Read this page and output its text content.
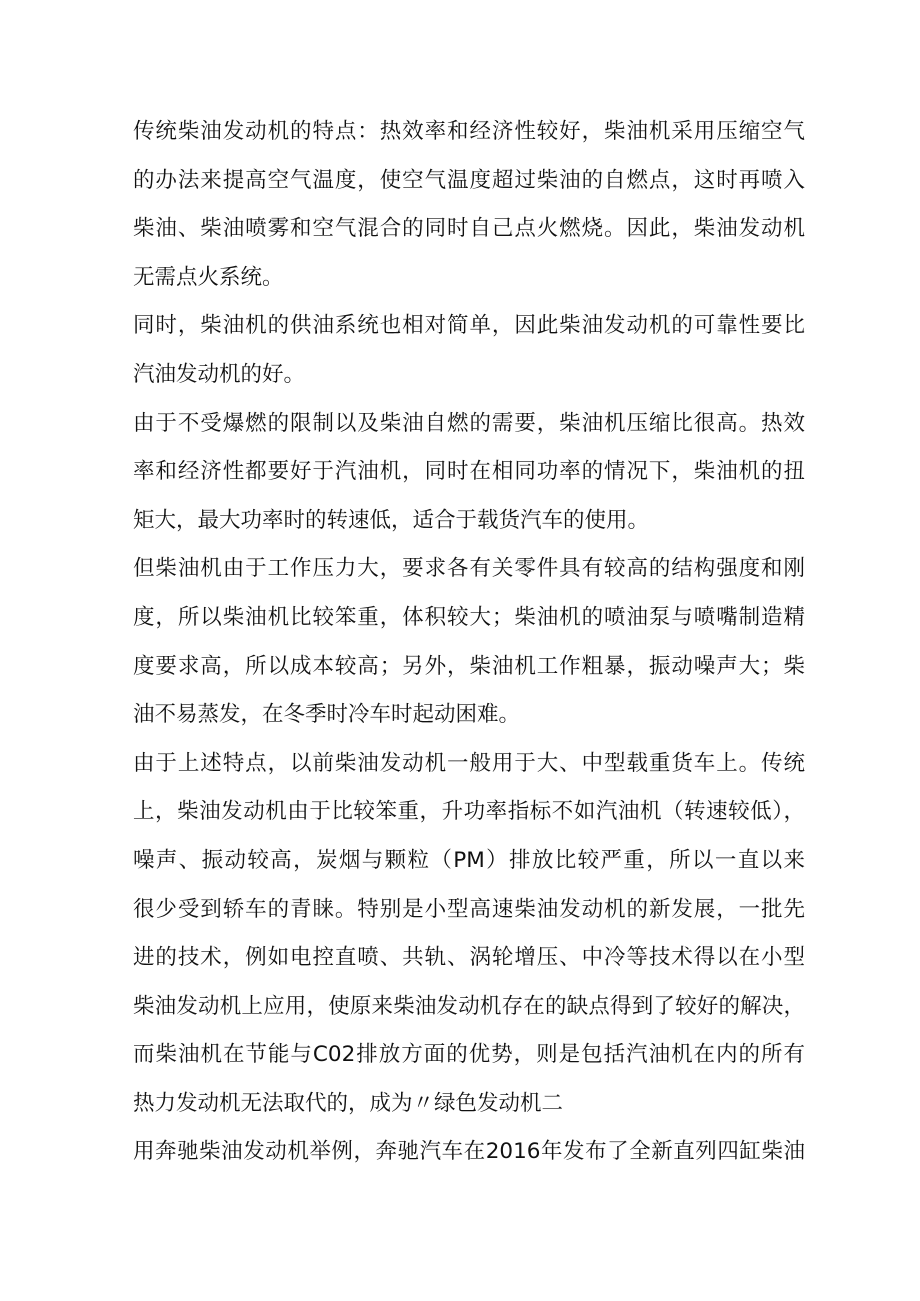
传统柴油发动机的特点：热效率和经济性较好，柴油机采用压缩空气
的办法来提高空气温度，使空气温度超过柴油的自燃点，这时再喷入
柴油、柴油喷雾和空气混合的同时自己点火燃烧。因此，柴油发动机
无需点火系统。
同时，柴油机的供油系统也相对简单，因此柴油发动机的可靠性要比
汽油发动机的好。
由于不受爆燃的限制以及柴油自燃的需要，柴油机压缩比很高。热效
率和经济性都要好于汽油机，同时在相同功率的情况下，柴油机的扭
矩大，最大功率时的转速低，适合于载货汽车的使用。
但柴油机由于工作压力大，要求各有关零件具有较高的结构强度和刚
度，所以柴油机比较笨重，体积较大；柴油机的喷油泵与喷嘴制造精
度要求高，所以成本较高；另外，柴油机工作粗暴，振动噪声大；柴
油不易蒸发，在冬季时冷车时起动困难。
由于上述特点，以前柴油发动机一般用于大、中型载重货车上。传统
上，柴油发动机由于比较笨重，升功率指标不如汽油机（转速较低），
噪声、振动较高，炭烟与颗粒（PM）排放比较严重，所以一直以来
很少受到轿车的青睐。特别是小型高速柴油发动机的新发展，一批先
进的技术，例如电控直喷、共轨、涡轮增压、中冷等技术得以在小型
柴油发动机上应用，使原来柴油发动机存在的缺点得到了较好的解决，
而柴油机在节能与C02排放方面的优势，则是包括汽油机在内的所有
热力发动机无法取代的，成为〃绿色发动机二
用奔驰柴油发动机举例，奔驰汽车在2016年发布了全新直列四缸柴油
